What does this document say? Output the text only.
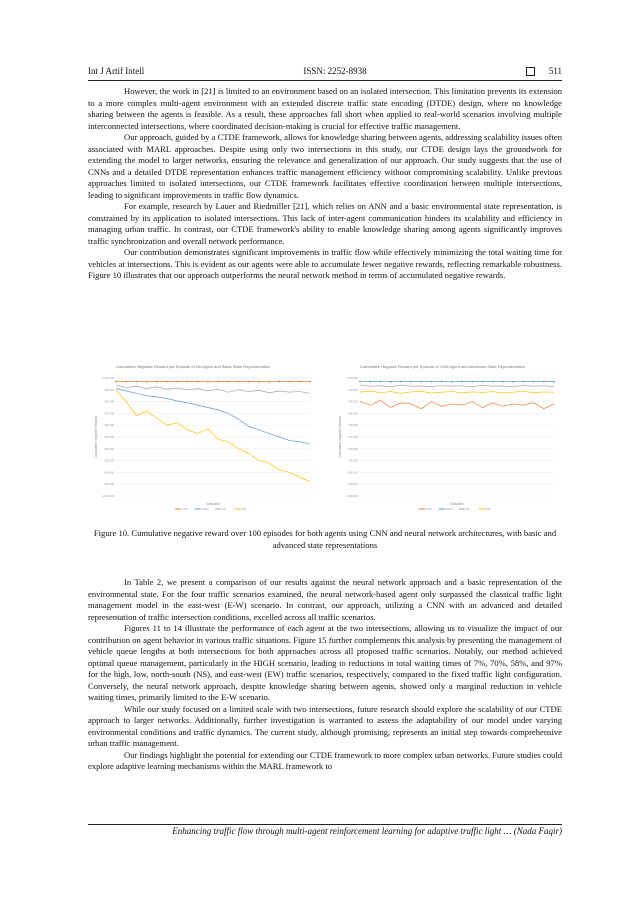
Int J Artif Intell	ISSN: 2252-8938	511

However, the work in [21] is limited to an environment based on an isolated intersection. This limitation prevents its extension to a more complex multi-agent environment with an extended discrete traffic state encoding (DTDE) design, where no knowledge sharing between the agents is feasible. As a result, these approaches fall short when applied to real-world scenarios involving multiple interconnected intersections, where coordinated decision-making is crucial for effective traffic management.

Our approach, guided by a CTDE framework, allows for knowledge sharing between agents, addressing scalability issues often associated with MARL approaches. Despite using only two intersections in this study, our CTDE design lays the groundwork for extending the model to larger networks, ensuring the relevance and generalization of our approach. Our study suggests that the use of CNNs and a detailed DTDE representation enhances traffic management efficiency without compromising scalability. Unlike previous approaches limited to isolated intersections, our CTDE framework facilitates effective coordination between multiple intersections, leading to significant improvements in traffic flow dynamics.

For example, research by Lauer and Riedmiller [21], which relies on ANN and a basic environmental state representation, is constrained by its application to isolated intersections. This lack of inter-agent communication hinders its scalability and efficiency in managing urban traffic. In contrast, our CTDE framework's ability to enable knowledge sharing among agents significantly improves traffic synchronization and overall network performance.

Our contribution demonstrates significant improvements in traffic flow while effectively minimizing the total waiting time for vehicles at intersections. This is evident as our agents were able to accumulate fewer negative rewards, reflecting remarkable robustness. Figure 10 illustrates that our approach outperforms the neural network method in terms of accumulated negative rewards.

Cumulative Negative Reward per Episode of NN Agent and Basic State Representation
Cumulative Negative Reward
Episodes
0.000.000
-100.000
-200.000
-300.000
-400.000
-500.000
-600.000
-700.000
-800.000
-900.000
-1.000.000
LOW	HIGH	NS	EW
Cumulative Negative Reward per Episode of CNN Agent and Advanced State Representation
Cumulative Negative Reward
Episodes
0.000.000
-100.000
-200.000
-300.000
-400.000
-500.000
-600.000
-700.000
-800.000
-900.000
-1.000.000
LOW	HIGH	NS	EW
Figure 10. Cumulative negative reward over 100 episodes for both agents using CNN and neural network architectures, with basic and advanced state representations

In Table 2, we present a comparison of our results against the neural network approach and a basic representation of the environmental state. For the four traffic scenarios examined, the neural network-based agent only surpassed the classical traffic light management model in the east-west (E-W) scenario. In contrast, our approach, utilizing a CNN with an advanced and detailed representation of traffic intersection conditions, excelled across all traffic scenarios.

Figures 11 to 14 illustrate the performance of each agent at the two intersections, allowing us to visualize the impact of our contribution on agent behavior in various traffic situations. Figure 15 further complements this analysis by presenting the management of vehicle queue lengths at both intersections for both approaches across all proposed traffic scenarios. Notably, our method achieved optimal queue management, particularly in the HIGH scenario, leading to reductions in total waiting times of 7%, 70%, 58%, and 97% for the high, low, north-south (NS), and east-west (EW) traffic scenarios, respectively, compared to the fixed traffic light configuration. Conversely, the neural network approach, despite knowledge sharing between agents, showed only a marginal reduction in vehicle waiting times, primarily limited to the E-W scenario.

While our study focused on a limited scale with two intersections, future research should explore the scalability of our CTDE approach to larger networks. Additionally, further investigation is warranted to assess the adaptability of our model under varying environmental conditions and traffic dynamics. The current study, although promising, represents an initial step towards comprehensive urban traffic management.

Our findings highlight the potential for extending our CTDE framework to more complex urban networks. Future studies could explore adaptive learning mechanisms within the MARL framework to

Enhancing traffic flow through multi-agent reinforcement learning for adaptive traffic light … (Nada Faqir)
